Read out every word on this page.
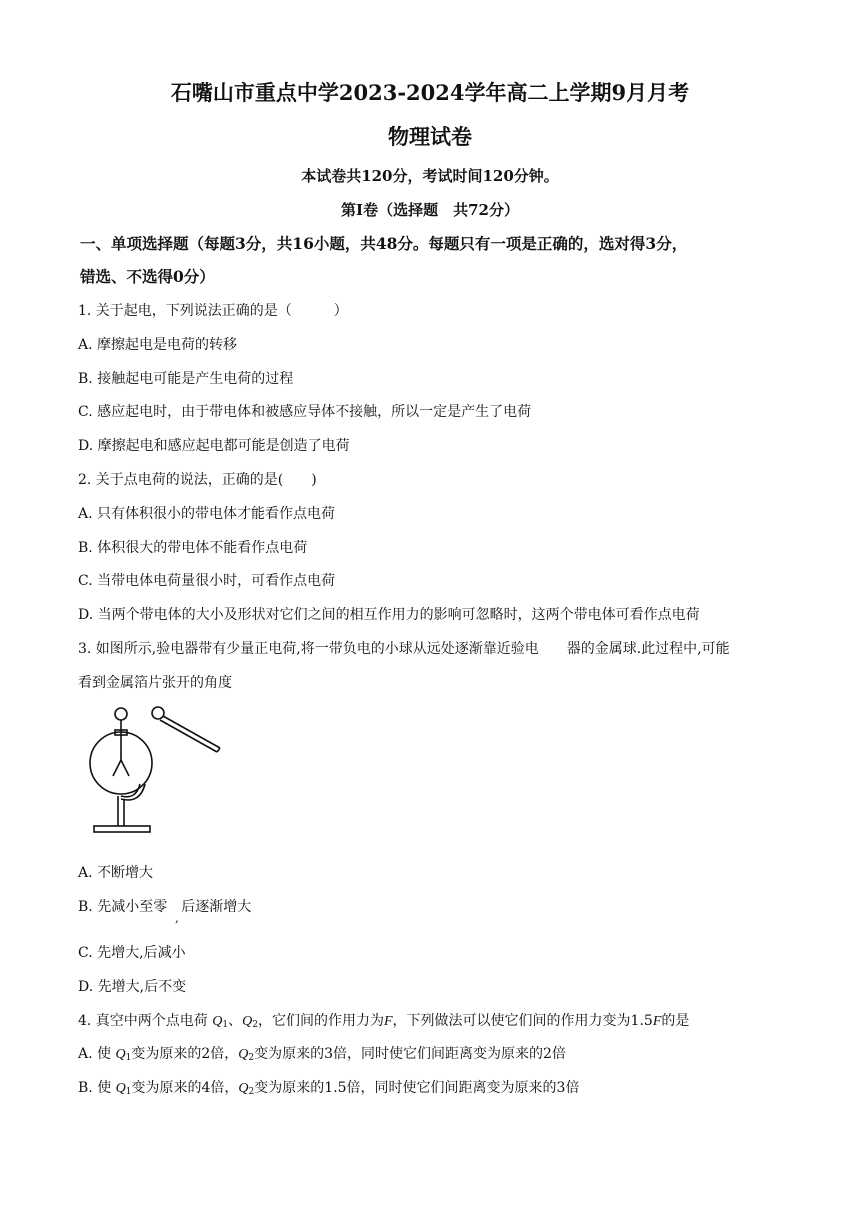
石嘴山市重点中学2023-2024学年高二上学期9月月考
物理试卷
本试卷共120分，考试时间120分钟。
第Ⅰ卷（选择题　共72分）
一、单项选择题（每题3分，共16小题，共48分。每题只有一项是正确的，选对得3分，
错选、不选得0分）
1. 关于起电，下列说法正确的是（　　　）
A. 摩擦起电是电荷的转移
B. 接触起电可能是产生电荷的过程
C. 感应起电时，由于带电体和被感应导体不接触，所以一定是产生了电荷
D. 摩擦起电和感应起电都可能是创造了电荷
2. 关于点电荷的说法，正确的是(　　)
A. 只有体积很小的带电体才能看作点电荷
B. 体积很大的带电体不能看作点电荷
C. 当带电体电荷量很小时，可看作点电荷
D. 当两个带电体的大小及形状对它们之间的相互作用力的影响可忽略时，这两个带电体可看作点电荷
3. 如图所示,验电器带有少量正电荷,将一带负电的小球从远处逐渐靠近验电　　器的金属球.此过程中,可能
看到金属箔片张开的角度
A. 不断增大
B. 先减小至零　后逐渐增大
,
C. 先增大,后减小
D. 先增大,后不变
4. 真空中两个点电荷 $Q_1$、$Q_2$，它们间的作用力为F，下列做法可以使它们间的作用力变为1.5F的是
A. 使 $Q_1$变为原来的2倍，$Q_2$变为原来的3倍，同时使它们间距离变为原来的2倍
B. 使 $Q_1$变为原来的4倍，$Q_2$变为原来的1.5倍，同时使它们间距离变为原来的3倍
